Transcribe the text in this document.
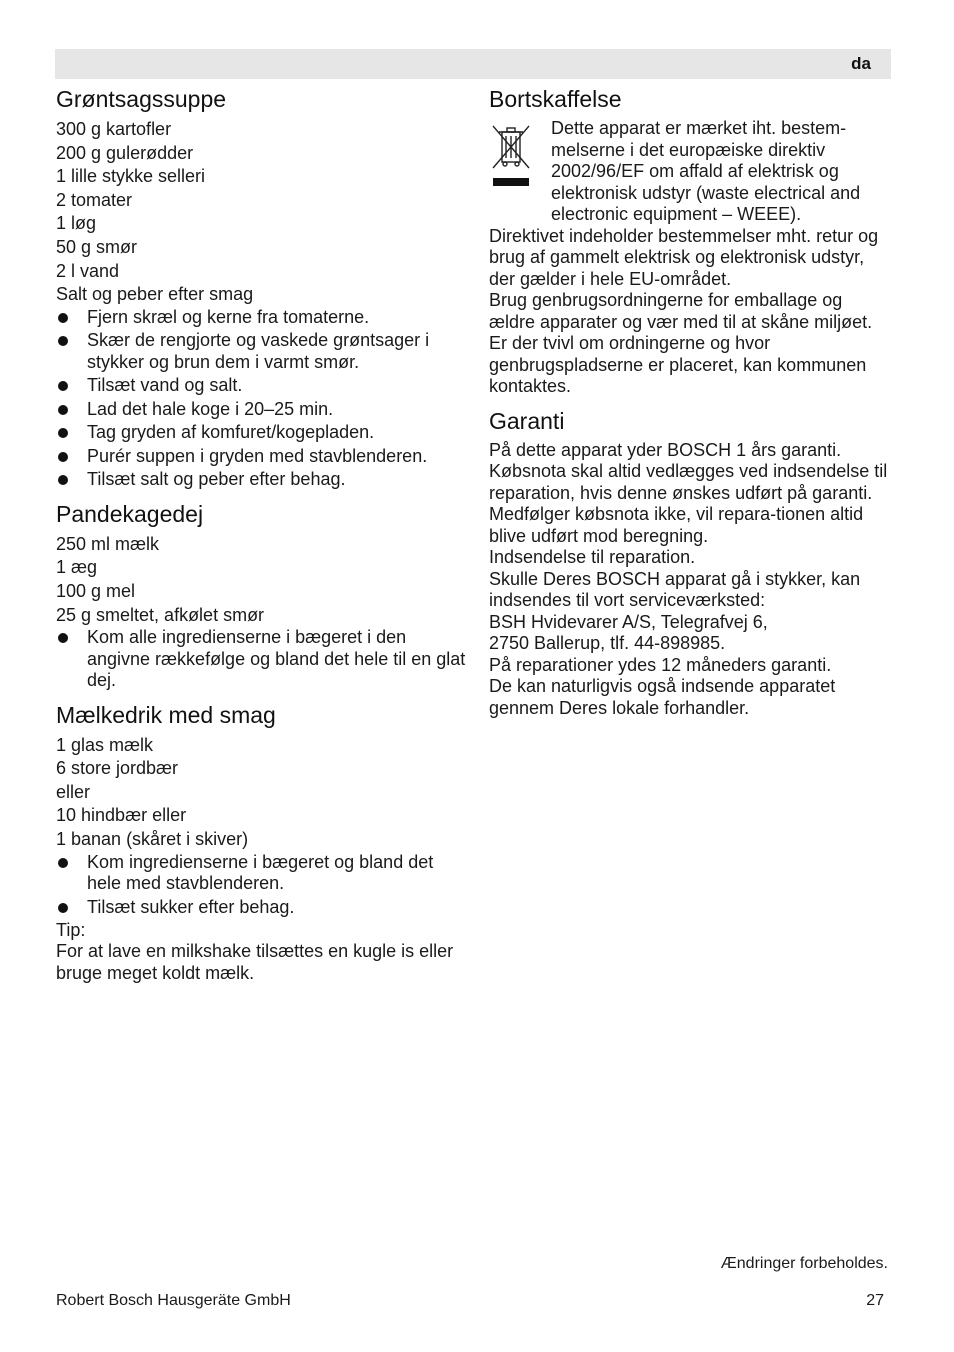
da
Grøntsagssuppe
300 g kartofler
200 g gulerødder
1 lille stykke selleri
2 tomater
1 løg
50 g smør
2 l vand
Salt og peber efter smag
Fjern skræl og kerne fra tomaterne.
Skær de rengjorte og vaskede grøntsager i stykker og brun dem i varmt smør.
Tilsæt vand og salt.
Lad det hale koge i 20–25 min.
Tag gryden af komfuret/kogepladen.
Purér suppen i gryden med stavblenderen.
Tilsæt salt og peber efter behag.
Pandekagedej
250 ml mælk
1 æg
100 g mel
25 g smeltet, afkølet smør
Kom alle ingredienserne i bægeret i den angivne rækkefølge og bland det hele til en glat dej.
Mælkedrik med smag
1 glas mælk
6 store jordbær
eller
10 hindbær eller
1 banan (skåret i skiver)
Kom ingredienserne i bægeret og bland det hele med stavblenderen.
Tilsæt sukker efter behag.
Tip:
For at lave en milkshake tilsættes en kugle is eller bruge meget koldt mælk.
Bortskaffelse
Dette apparat er mærket iht. bestem-melserne i det europæiske direktiv 2002/96/EF om affald af elektrisk og elektronisk udstyr (waste electrical and electronic equipment – WEEE).
Direktivet indeholder bestemmelser mht. retur og brug af gammelt elektrisk og elektronisk udstyr, der gælder i hele EU-området.
Brug genbrugsordningerne for emballage og ældre apparater og vær med til at skåne miljøet. Er der tvivl om ordningerne og hvor genbrugspladserne er placeret, kan kommunen kontaktes.
Garanti
På dette apparat yder BOSCH 1 års garanti. Købsnota skal altid vedlægges ved indsendelse til reparation, hvis denne ønskes udført på garanti. Medfølger købsnota ikke, vil repara-tionen altid blive udført mod beregning.
Indsendelse til reparation.
Skulle Deres BOSCH apparat gå i stykker, kan indsendes til vort serviceværksted:
BSH Hvidevarer A/S, Telegrafvej 6,
2750 Ballerup, tlf. 44-898985.
På reparationer ydes 12 måneders garanti.
De kan naturligvis også indsende apparatet gennem Deres lokale forhandler.
Ændringer forbeholdes.
Robert Bosch Hausgeräte GmbH	27
